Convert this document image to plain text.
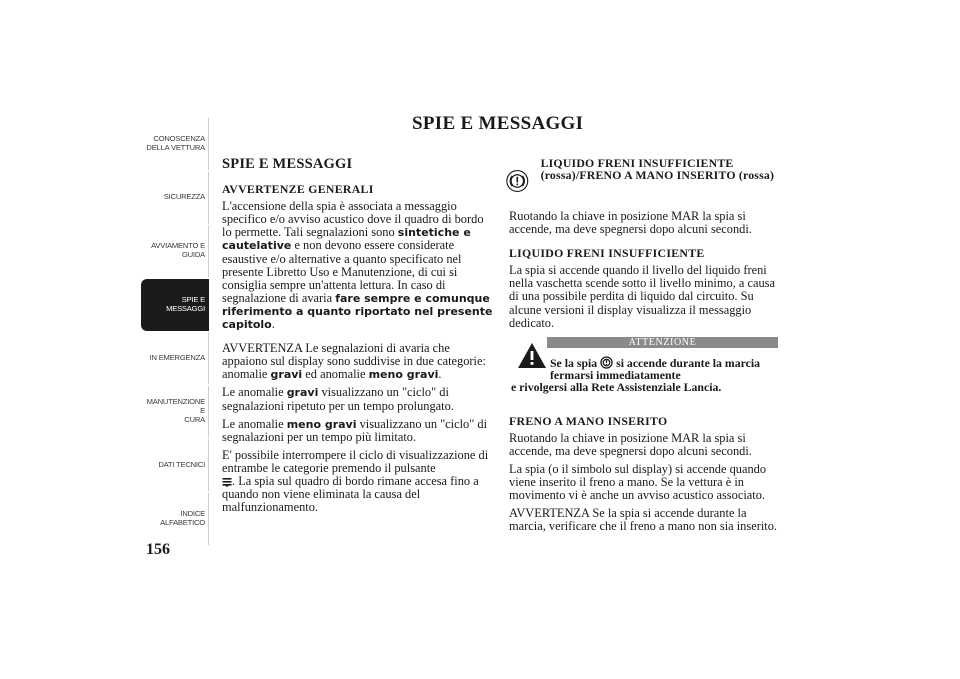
CONOSCENZA
DELLA VETTURA
SICUREZZA
AVVIAMENTO E
GUIDA
SPIE E MESSAGGI
IN EMERGENZA
MANUTENZIONE E
CURA
DATI TECNICI
INDICE
ALFABETICO
156
SPIE E MESSAGGI
SPIE E MESSAGGI
AVVERTENZE GENERALI

L'accensione della spia è associata a messaggio specifico e/o avviso acustico dove il quadro di bordo lo permette. Tali segnalazioni sono sintetiche e cautelative e non devono essere considerate esaustive e/o alternative a quanto specificato nel presente Libretto Uso e Manutenzione, di cui si consiglia sempre un'attenta lettura. In caso di segnalazione di avaria fare sempre e comunque riferimento a quanto riportato nel presente capitolo.

AVVERTENZA Le segnalazioni di avaria che appaiono sul display sono suddivise in due categorie: anomalie gravi ed anomalie meno gravi.

Le anomalie gravi visualizzano un "ciclo" di segnalazioni ripetuto per un tempo prolungato.

Le anomalie meno gravi visualizzano un "ciclo" di segnalazioni per un tempo più limitato.

E' possibile interrompere il ciclo di visualizzazione di entrambe le categorie premendo il pulsante
. La spia sul quadro di bordo rimane accesa fino a quando non viene eliminata la causa del malfunzionamento.

LIQUIDO FRENI INSUFFICIENTE (rossa)/FRENO A MANO INSERITO (rossa)

Ruotando la chiave in posizione MAR la spia si accende, ma deve spegnersi dopo alcuni secondi.

LIQUIDO FRENI INSUFFICIENTE

La spia si accende quando il livello del liquido freni nella vaschetta scende sotto il livello minimo, a causa di una possibile perdita di liquido dal circuito. Su alcune versioni il display visualizza il messaggio dedicato.

ATTENZIONE
Se la spia si accende durante la marcia fermarsi immediatamente
e rivolgersi alla Rete Assistenziale Lancia.
FRENO A MANO INSERITO

Ruotando la chiave in posizione MAR la spia si accende, ma deve spegnersi dopo alcuni secondi.

La spia (o il simbolo sul display) si accende quando viene inserito il freno a mano. Se la vettura è in movimento vi è anche un avviso acustico associato.

AVVERTENZA Se la spia si accende durante la marcia, verificare che il freno a mano non sia inserito.
